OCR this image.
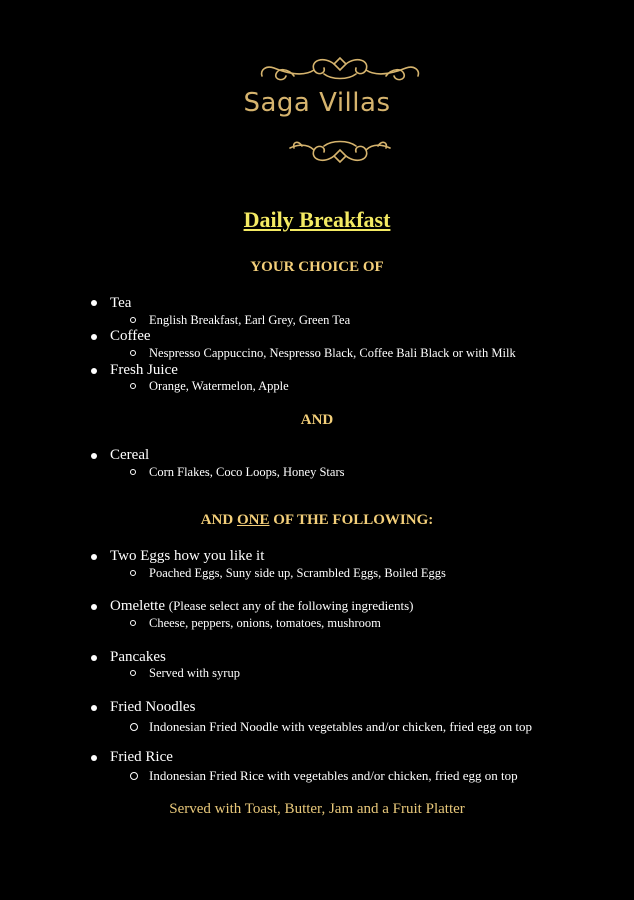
Saga Villas
Daily Breakfast
YOUR CHOICE OF
Tea
English Breakfast, Earl Grey, Green Tea
Coffee
Nespresso Cappuccino, Nespresso Black, Coffee Bali Black or with Milk
Fresh Juice
Orange, Watermelon, Apple
AND
Cereal
Corn Flakes, Coco Loops, Honey Stars
AND ONE OF THE FOLLOWING:
Two Eggs how you like it
Poached Eggs, Suny side up, Scrambled Eggs, Boiled Eggs
Omelette (Please select any of the following ingredients)
Cheese, peppers, onions, tomatoes, mushroom
Pancakes
Served with syrup
Fried Noodles
Indonesian Fried Noodle with vegetables and/or chicken, fried egg on top
Fried Rice
Indonesian Fried Rice with vegetables and/or chicken, fried egg on top
Served with Toast, Butter, Jam and a Fruit Platter
